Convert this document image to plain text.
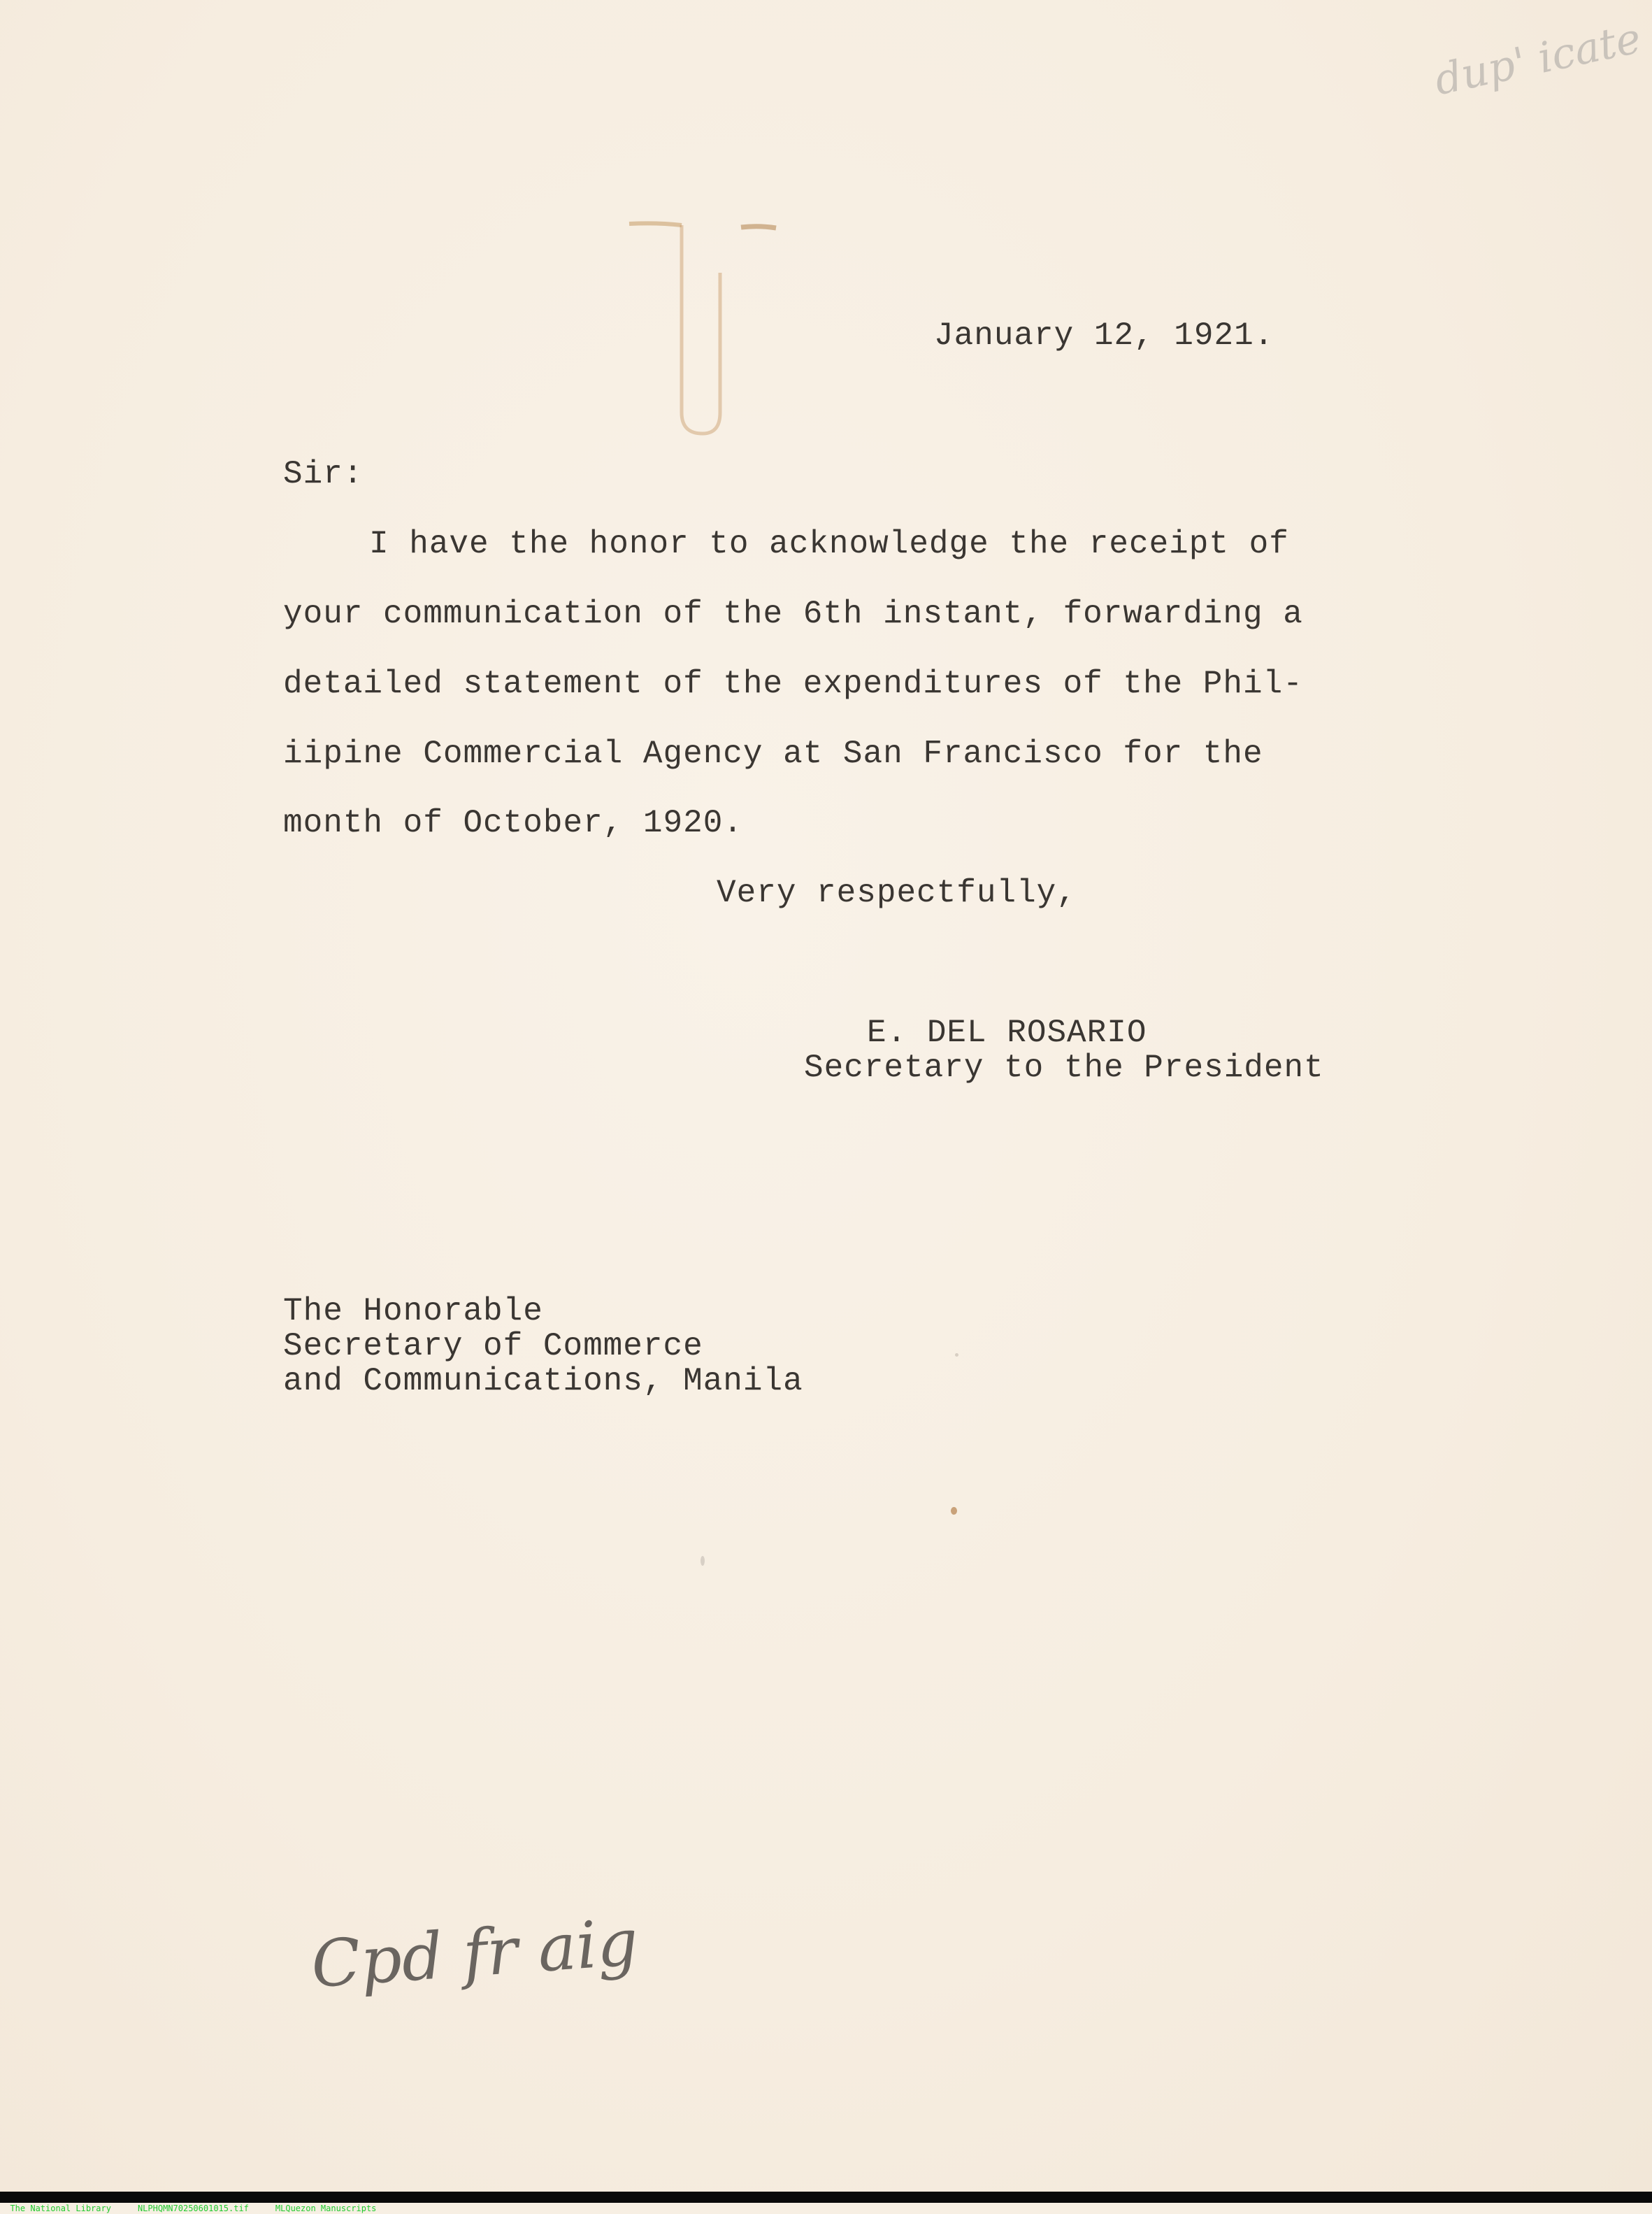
January 12, 1921.
Sir:
I have the honor to acknowledge the receipt of
your communication of the 6th instant, forwarding a
detailed statement of the expenditures of the Phil-
iipine Commercial Agency at San Francisco for the
month of October, 1920.
Very respectfully,
E. DEL ROSARIO
Secretary to the President
The Honorable
Secretary of Commerce
and Communications, Manila
dup' icate
Cpd fr aig

The National Library	NLPHQMN70250601015.tif	MLQuezon Manuscripts
